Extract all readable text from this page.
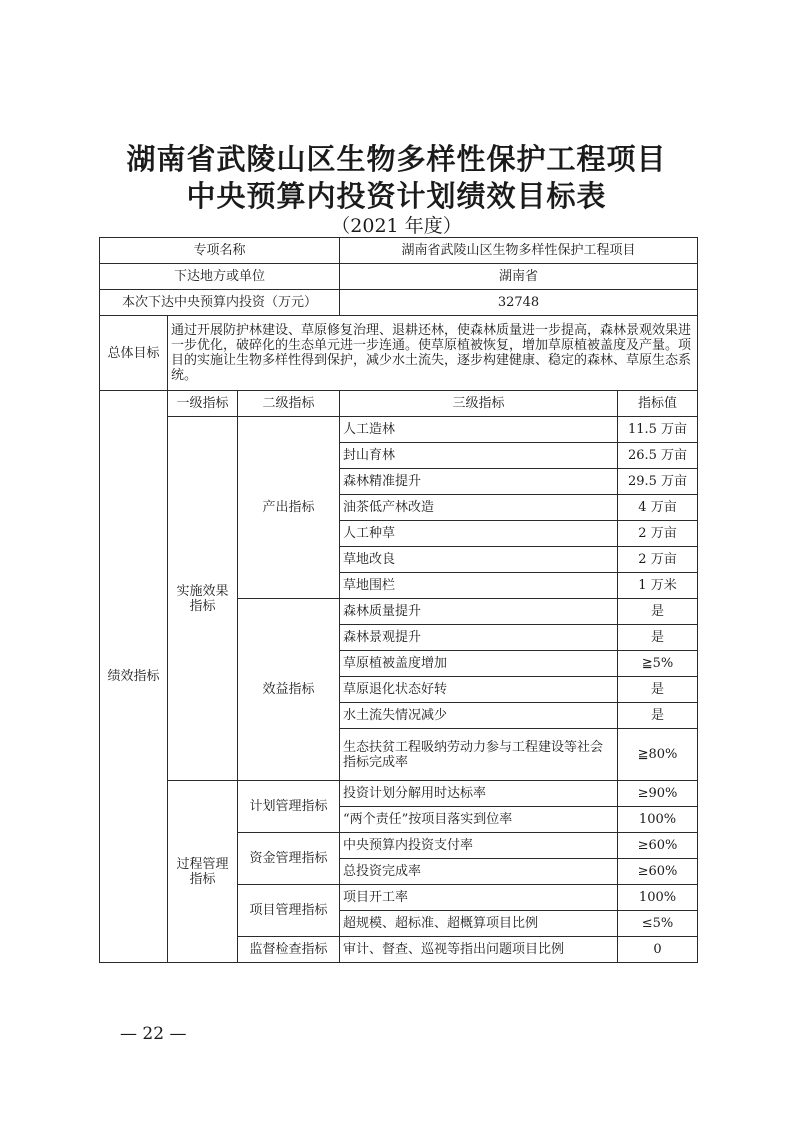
湖南省武陵山区生物多样性保护工程项目
中央预算内投资计划绩效目标表
（2021 年度）
专项名称			湖南省武陵山区生物多样性保护工程项目	
下达地方或单位			湖南省	
本次下达中央预算内投资（万元）			32748	
总体目标	通过开展防护林建设、草原修复治理、退耕还林，使森林质量进一步提高，森林景观效果进一步优化，破碎化的生态单元进一步连通。使草原植被恢复，增加草原植被盖度及产量。项目的实施让生物多样性得到保护，减少水土流失，逐步构建健康、稳定的森林、草原生态系统。			
绩效指标	一级指标	二级指标	三级指标	指标值
	实施效果指标	产出指标	人工造林	11.5 万亩
			封山育林	26.5 万亩
			森林精准提升	29.5 万亩
			油茶低产林改造	4 万亩
			人工种草	2 万亩
			草地改良	2 万亩
			草地围栏	1 万米
		效益指标	森林质量提升	是
			森林景观提升	是
			草原植被盖度增加	≧5%
			草原退化状态好转	是
			水土流失情况减少	是
			生态扶贫工程吸纳劳动力参与工程建设等社会指标完成率	≧80%
	过程管理指标	计划管理指标	投资计划分解用时达标率	≥90%
			“两个责任”按项目落实到位率	100%
		资金管理指标	中央预算内投资支付率	≥60%
			总投资完成率	≥60%
		项目管理指标	项目开工率	100%
			超规模、超标准、超概算项目比例	≤5%
		监督检查指标	审计、督查、巡视等指出问题项目比例	0
— 22 —
